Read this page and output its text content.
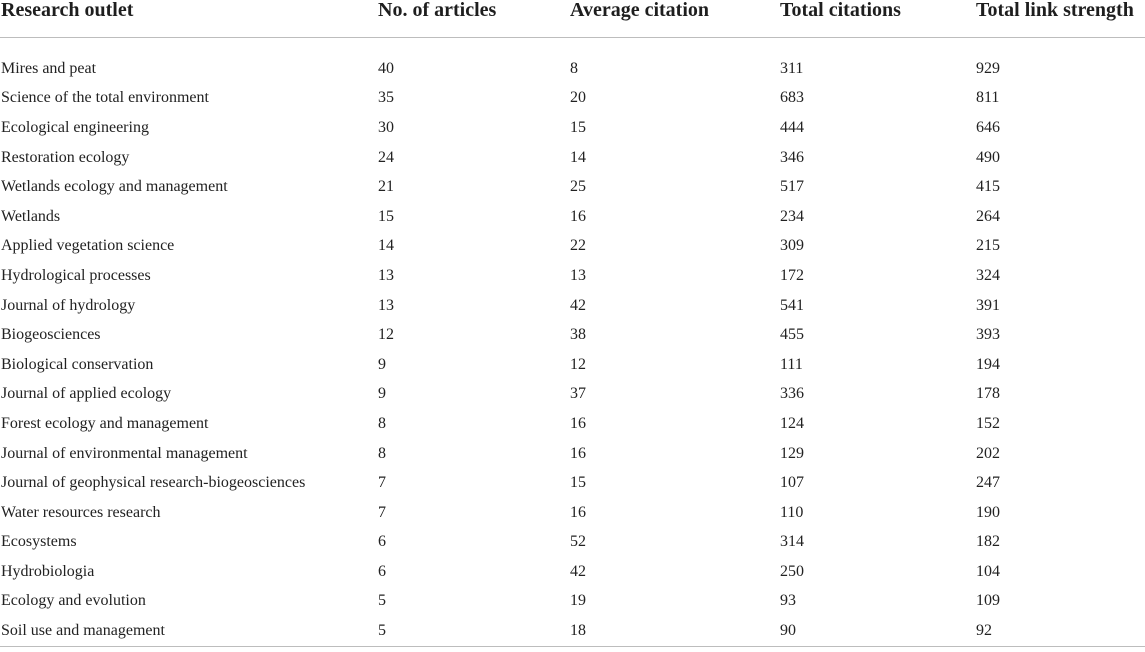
Research outlet	No. of articles	Average citation	Total citations	Total link strength
Mires and peat	40	8	311	929
Science of the total environment	35	20	683	811
Ecological engineering	30	15	444	646
Restoration ecology	24	14	346	490
Wetlands ecology and management	21	25	517	415
Wetlands	15	16	234	264
Applied vegetation science	14	22	309	215
Hydrological processes	13	13	172	324
Journal of hydrology	13	42	541	391
Biogeosciences	12	38	455	393
Biological conservation	9	12	111	194
Journal of applied ecology	9	37	336	178
Forest ecology and management	8	16	124	152
Journal of environmental management	8	16	129	202
Journal of geophysical research-biogeosciences	7	15	107	247
Water resources research	7	16	110	190
Ecosystems	6	52	314	182
Hydrobiologia	6	42	250	104
Ecology and evolution	5	19	93	109
Soil use and management	5	18	90	92
